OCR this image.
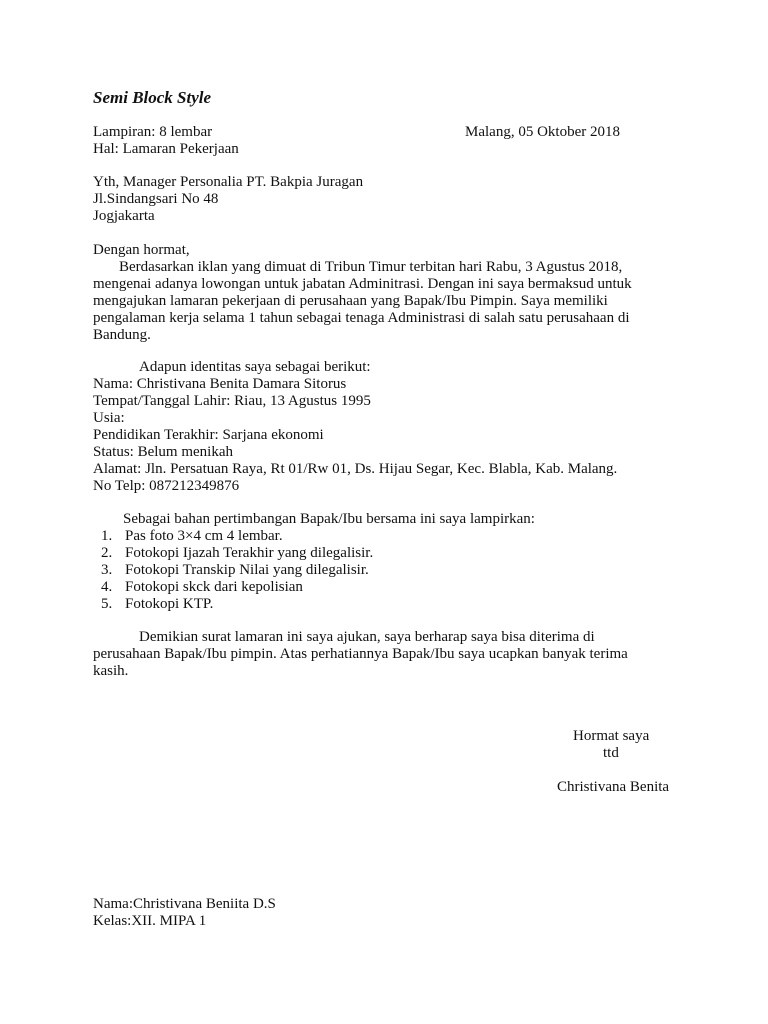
Semi Block Style
Lampiran: 8 lembar	Malang, 05 Oktober 2018
Hal: Lamaran Pekerjaan
Yth, Manager Personalia PT. Bakpia Juragan
Jl.Sindangsari No 48
Jogjakarta
Dengan hormat,
Berdasarkan iklan yang dimuat di Tribun Timur terbitan hari Rabu, 3 Agustus 2018,
mengenai adanya lowongan untuk jabatan Adminitrasi. Dengan ini saya bermaksud untuk
mengajukan lamaran pekerjaan di perusahaan yang Bapak/Ibu Pimpin. Saya memiliki
pengalaman kerja selama 1 tahun sebagai tenaga Administrasi di salah satu perusahaan di
Bandung.
Adapun identitas saya sebagai berikut:
Nama: Christivana Benita Damara Sitorus
Tempat/Tanggal Lahir: Riau, 13 Agustus 1995
Usia:
Pendidikan Terakhir: Sarjana ekonomi
Status: Belum menikah
Alamat: Jln. Persatuan Raya, Rt 01/Rw 01, Ds. Hijau Segar, Kec. Blabla, Kab. Malang.
No Telp: 087212349876
Sebagai bahan pertimbangan Bapak/Ibu bersama ini saya lampirkan:
1. Pas foto 3×4 cm 4 lembar.
2. Fotokopi Ijazah Terakhir yang dilegalisir.
3. Fotokopi Transkip Nilai yang dilegalisir.
4. Fotokopi skck dari kepolisian
5. Fotokopi KTP.
Demikian surat lamaran ini saya ajukan, saya berharap saya bisa diterima di
perusahaan Bapak/Ibu pimpin. Atas perhatiannya Bapak/Ibu saya ucapkan banyak terima
kasih.
Hormat saya
ttd
Christivana Benita
Nama:Christivana Beniita D.S
Kelas:XII. MIPA 1
